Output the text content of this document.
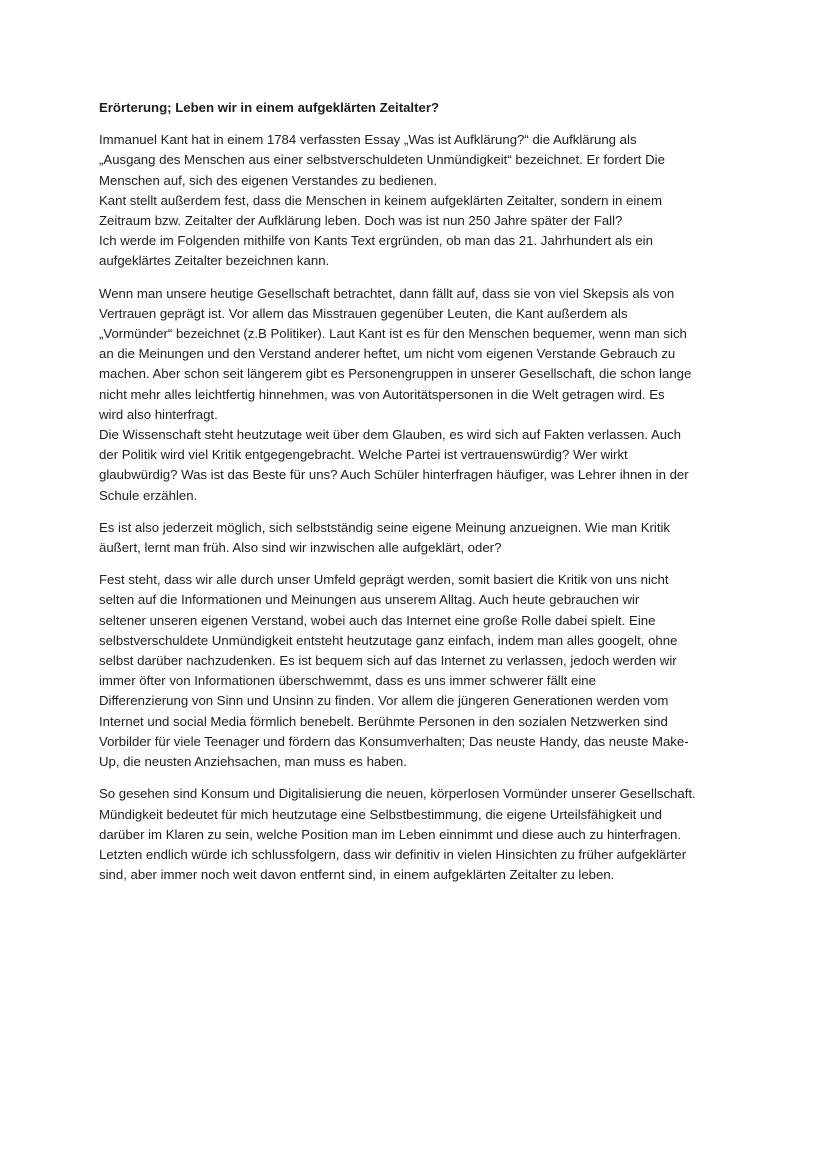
Erörterung; Leben wir in einem aufgeklärten Zeitalter?
Immanuel Kant hat in einem 1784 verfassten Essay „Was ist Aufklärung?“ die Aufklärung als
„Ausgang des Menschen aus einer selbstverschuldeten Unmündigkeit“ bezeichnet. Er fordert Die
Menschen auf, sich des eigenen Verstandes zu bedienen.
Kant stellt außerdem fest, dass die Menschen in keinem aufgeklärten Zeitalter, sondern in einem
Zeitraum bzw. Zeitalter der Aufklärung leben. Doch was ist nun 250 Jahre später der Fall?
Ich werde im Folgenden mithilfe von Kants Text ergründen, ob man das 21. Jahrhundert als ein
aufgeklärtes Zeitalter bezeichnen kann.
Wenn man unsere heutige Gesellschaft betrachtet, dann fällt auf, dass sie von viel Skepsis als von
Vertrauen geprägt ist. Vor allem das Misstrauen gegenüber Leuten, die Kant außerdem als
„Vormünder“ bezeichnet (z.B Politiker). Laut Kant ist es für den Menschen bequemer, wenn man sich
an die Meinungen und den Verstand anderer heftet, um nicht vom eigenen Verstande Gebrauch zu
machen. Aber schon seit längerem gibt es Personengruppen in unserer Gesellschaft, die schon lange
nicht mehr alles leichtfertig hinnehmen, was von Autoritätspersonen in die Welt getragen wird. Es
wird also hinterfragt.
Die Wissenschaft steht heutzutage weit über dem Glauben, es wird sich auf Fakten verlassen. Auch
der Politik wird viel Kritik entgegengebracht. Welche Partei ist vertrauenswürdig? Wer wirkt
glaubwürdig? Was ist das Beste für uns? Auch Schüler hinterfragen häufiger, was Lehrer ihnen in der
Schule erzählen.
Es ist also jederzeit möglich, sich selbstständig seine eigene Meinung anzueignen. Wie man Kritik
äußert, lernt man früh. Also sind wir inzwischen alle aufgeklärt, oder?
Fest steht, dass wir alle durch unser Umfeld geprägt werden, somit basiert die Kritik von uns nicht
selten auf die Informationen und Meinungen aus unserem Alltag. Auch heute gebrauchen wir
seltener unseren eigenen Verstand, wobei auch das Internet eine große Rolle dabei spielt. Eine
selbstverschuldete Unmündigkeit entsteht heutzutage ganz einfach, indem man alles googelt, ohne
selbst darüber nachzudenken. Es ist bequem sich auf das Internet zu verlassen, jedoch werden wir
immer öfter von Informationen überschwemmt, dass es uns immer schwerer fällt eine
Differenzierung von Sinn und Unsinn zu finden. Vor allem die jüngeren Generationen werden vom
Internet und social Media förmlich benebelt. Berühmte Personen in den sozialen Netzwerken sind
Vorbilder für viele Teenager und fördern das Konsumverhalten; Das neuste Handy, das neuste Make-
Up, die neusten Anziehsachen, man muss es haben.
So gesehen sind Konsum und Digitalisierung die neuen, körperlosen Vormünder unserer Gesellschaft.
Mündigkeit bedeutet für mich heutzutage eine Selbstbestimmung, die eigene Urteilsfähigkeit und
darüber im Klaren zu sein, welche Position man im Leben einnimmt und diese auch zu hinterfragen.
Letzten endlich würde ich schlussfolgern, dass wir definitiv in vielen Hinsichten zu früher aufgeklärter
sind, aber immer noch weit davon entfernt sind, in einem aufgeklärten Zeitalter zu leben.
